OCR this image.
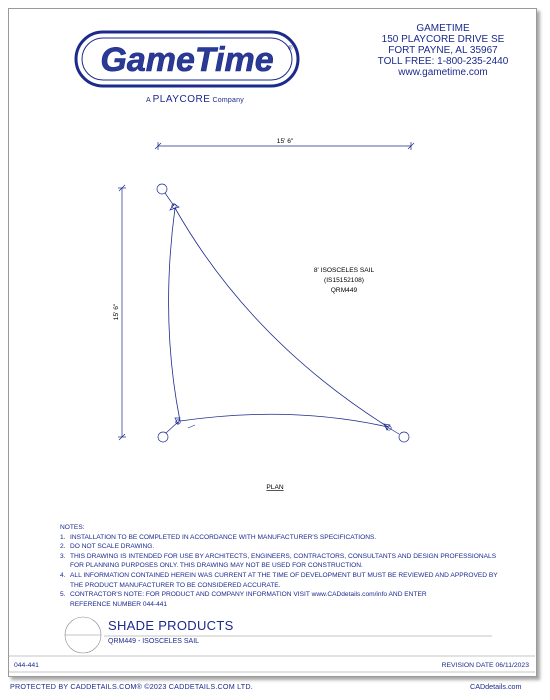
GameTime ®
A PLAYCORE Company
GAMETIME
150 PLAYCORE DRIVE SE
FORT PAYNE, AL 35967
TOLL FREE: 1-800-235-2440
www.gametime.com
15' 6"
15' 6"
8' ISOSCELES SAIL
(IS15152108)
QRM449
PLAN
NOTES:
1. INSTALLATION TO BE COMPLETED IN ACCORDANCE WITH MANUFACTURER'S SPECIFICATIONS.
2. DO NOT SCALE DRAWING.
3. THIS DRAWING IS INTENDED FOR USE BY ARCHITECTS, ENGINEERS, CONTRACTORS, CONSULTANTS AND DESIGN PROFESSIONALS
FOR PLANNING PURPOSES ONLY. THIS DRAWING MAY NOT BE USED FOR CONSTRUCTION.
4. ALL INFORMATION CONTAINED HEREIN WAS CURRENT AT THE TIME OF DEVELOPMENT BUT MUST BE REVIEWED AND APPROVED BY
THE PRODUCT MANUFACTURER TO BE CONSIDERED ACCURATE.
5. CONTRACTOR'S NOTE: FOR PRODUCT AND COMPANY INFORMATION VISIT www.CADdetails.com/info AND ENTER
REFERENCE NUMBER 044-441
SHADE PRODUCTS
QRM449 - ISOSCELES SAIL
044-441	REVISION DATE 06/11/2023
PROTECTED BY CADDETAILS.COM® ©2023 CADDETAILS.COM LTD.	CADdetails.com
